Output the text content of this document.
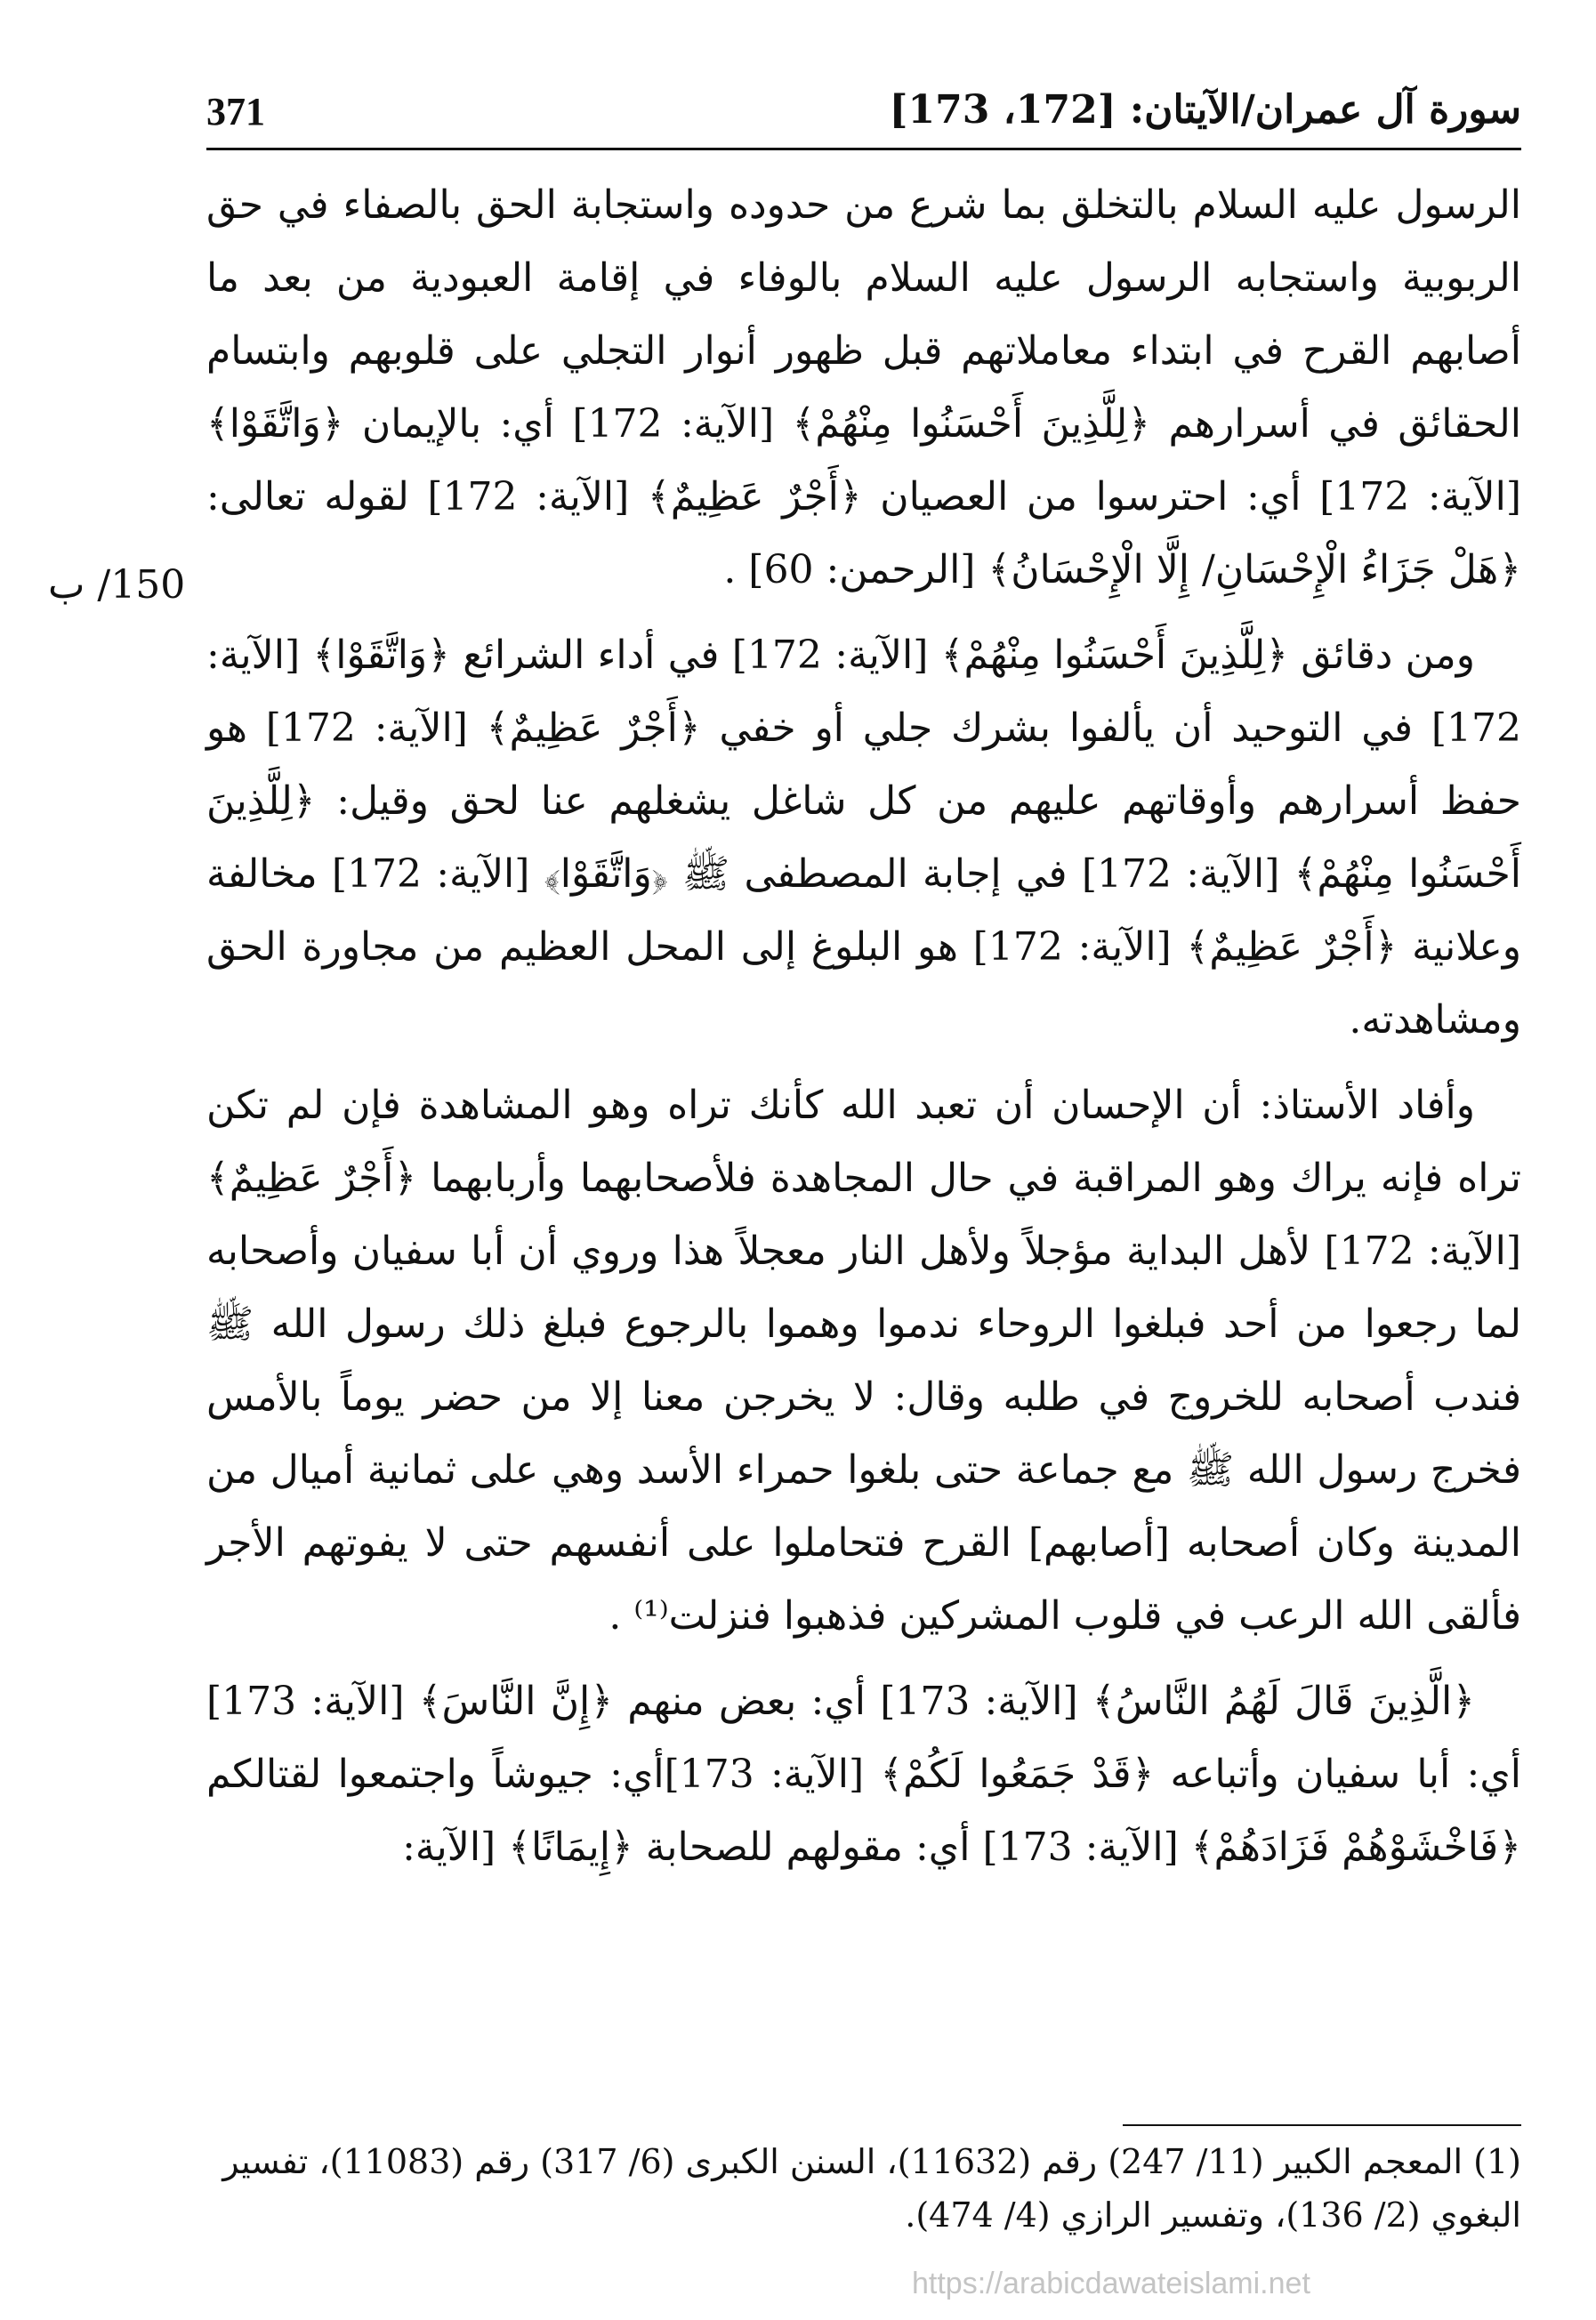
سورة آل عمران/الآيتان: [172، 173]
371
150/ ب

الرسول عليه السلام بالتخلق بما شرع من حدوده واستجابة الحق بالصفاء في حق الربوبية واستجابه الرسول عليه السلام بالوفاء في إقامة العبودية من بعد ما أصابهم القرح في ابتداء معاملاتهم قبل ظهور أنوار التجلي على قلوبهم وابتسام الحقائق في أسرارهم ﴿لِلَّذِينَ أَحْسَنُوا مِنْهُمْ﴾ [الآية: 172] أي: بالإيمان ﴿وَاتَّقَوْا﴾ [الآية: 172] أي: احترسوا من العصيان ﴿أَجْرٌ عَظِيمٌ﴾ [الآية: 172] لقوله تعالى: ﴿هَلْ جَزَاءُ الْإِحْسَانِ/ إِلَّا الْإِحْسَانُ﴾ [الرحمن: 60] .

ومن دقائق ﴿لِلَّذِينَ أَحْسَنُوا مِنْهُمْ﴾ [الآية: 172] في أداء الشرائع ﴿وَاتَّقَوْا﴾ [الآية: 172] في التوحيد أن يألفوا بشرك جلي أو خفي ﴿أَجْرٌ عَظِيمٌ﴾ [الآية: 172] هو حفظ أسرارهم وأوقاتهم عليهم من كل شاغل يشغلهم عنا لحق وقيل: ﴿لِلَّذِينَ أَحْسَنُوا مِنْهُمْ﴾ [الآية: 172] في إجابة المصطفى ﷺ ﴿وَاتَّقَوْا﴾ [الآية: 172] مخالفة وعلانية ﴿أَجْرٌ عَظِيمٌ﴾ [الآية: 172] هو البلوغ إلى المحل العظيم من مجاورة الحق ومشاهدته.

وأفاد الأستاذ: أن الإحسان أن تعبد الله كأنك تراه وهو المشاهدة فإن لم تكن تراه فإنه يراك وهو المراقبة في حال المجاهدة فلأصحابهما وأربابهما ﴿أَجْرٌ عَظِيمٌ﴾ [الآية: 172] لأهل البداية مؤجلاً ولأهل النار معجلاً هذا وروي أن أبا سفيان وأصحابه لما رجعوا من أحد فبلغوا الروحاء ندموا وهموا بالرجوع فبلغ ذلك رسول الله ﷺ فندب أصحابه للخروج في طلبه وقال: لا يخرجن معنا إلا من حضر يوماً بالأمس فخرج رسول الله ﷺ مع جماعة حتى بلغوا حمراء الأسد وهي على ثمانية أميال من المدينة وكان أصحابه [أصابهم] القرح فتحاملوا على أنفسهم حتى لا يفوتهم الأجر فألقى الله الرعب في قلوب المشركين فذهبوا فنزلت⁽¹⁾ .

﴿الَّذِينَ قَالَ لَهُمُ النَّاسُ﴾ [الآية: 173] أي: بعض منهم ﴿إِنَّ النَّاسَ﴾ [الآية: 173] أي: أبا سفيان وأتباعه ﴿قَدْ جَمَعُوا لَكُمْ﴾ [الآية: 173]أي: جيوشاً واجتمعوا لقتالكم ﴿فَاخْشَوْهُمْ فَزَادَهُمْ﴾ [الآية: 173] أي: مقولهم للصحابة ﴿إِيمَانًا﴾ [الآية:

(1) المعجم الكبير (11/ 247) رقم (11632)، السنن الكبرى (6/ 317) رقم (11083)، تفسير البغوي (2/ 136)، وتفسير الرازي (4/ 474).

https://arabicdawateislami.net
